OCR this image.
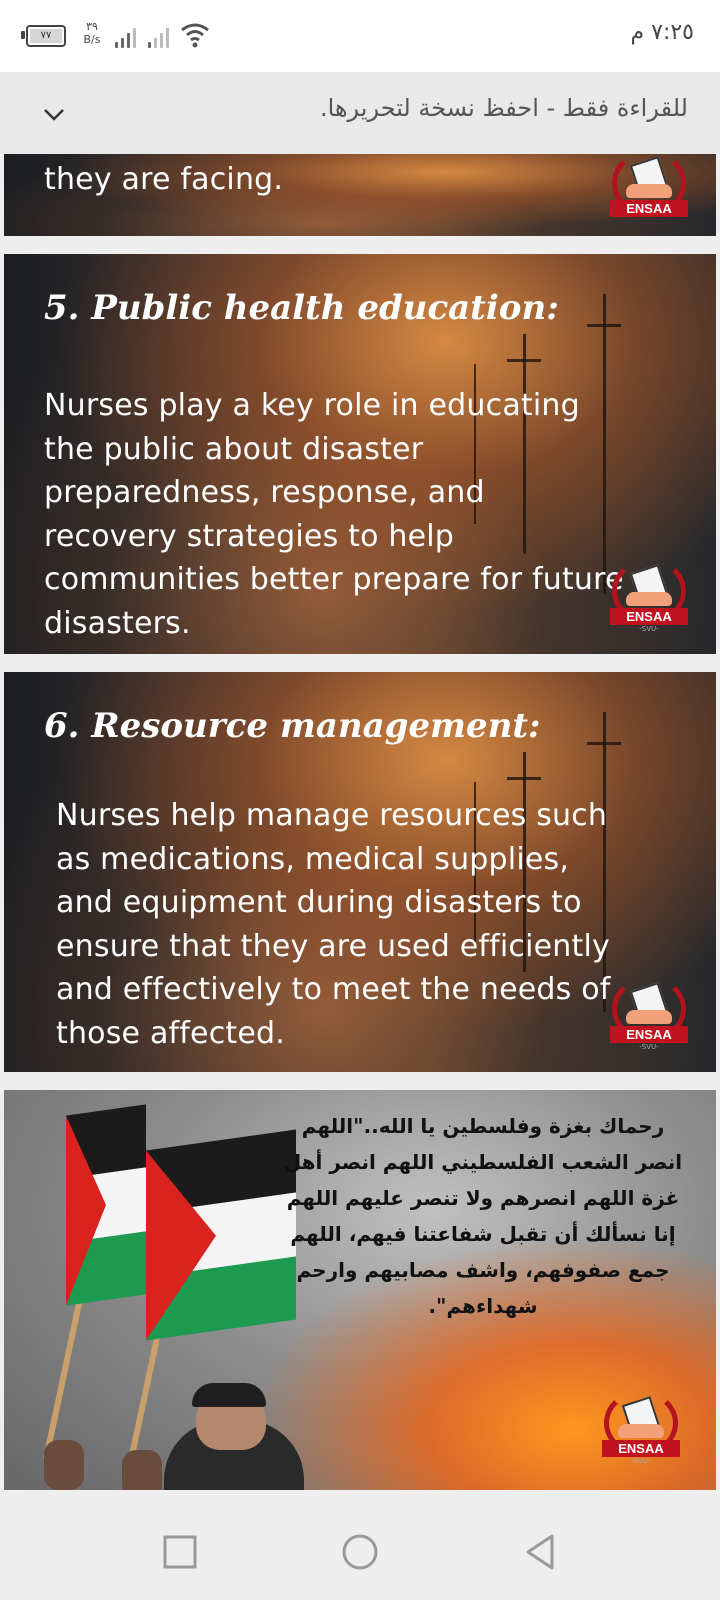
٧٧
٣٩
B/s	٧:٢٥ م
للقراءة فقط - احفظ نسخة لتحريرها.
they are facing.
ENSAA
5. Public health education:
Nurses play a key role in educating the public about disaster preparedness, response, and recovery strategies to help communities better prepare for future disasters.	ENSAA
-SVU-
6. Resource management:
Nurses help manage resources such as medications, medical supplies, and equipment during disasters to ensure that they are used efficiently and effectively to meet the needs of those affected.	ENSAA
-SVU-
رحماك بغزة وفلسطين يا الله.."اللهم انصر الشعب الفلسطيني اللهم انصر أهل غزة اللهم انصرهم ولا تنصر عليهم اللهم إنا نسألك أن تقبل شفاعتنا فيهم، اللهم جمع صفوفهم، واشف مصابيهم وارحم شهداءهم".
ENSAA
-SVU-
